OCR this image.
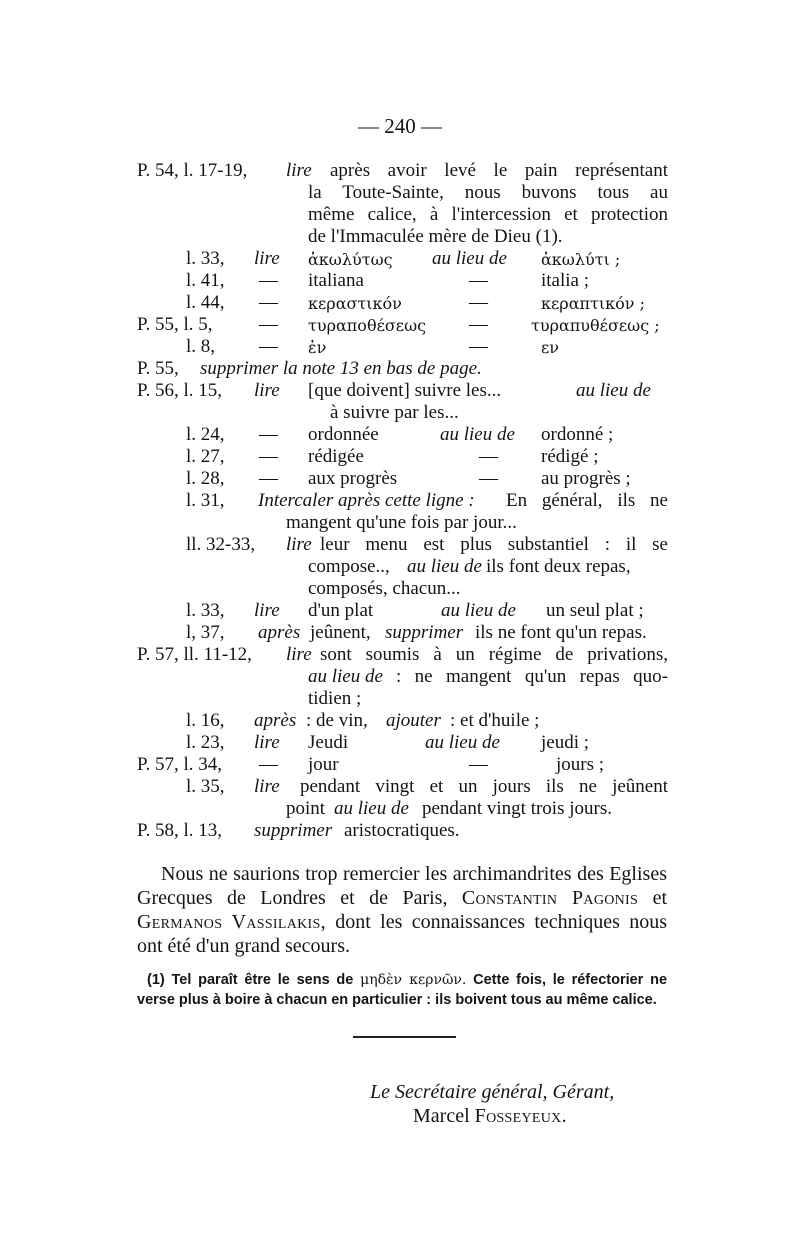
— 240 —
P. 54, l. 17-19, lire après avoir levé le pain représentant
la Toute-Sainte, nous buvons tous au
même calice, à l'intercession et protection
de l'Immaculée mère de Dieu (1).
l. 33, lire ἀκωλύτως au lieu de ἀκωλύτι ;
l. 41, — italiana	—	italia ;
l. 44, — κεραστικόν	—	κεραπτικόν ;
P. 55, l. 5, — τυραποθέσεως —	τυραπυθέσεως ;
l. 8, — ἐν	—	εν
P. 55, supprimer la note 13 en bas de page.
P. 56, l. 15, lire [que doivent] suivre les...	au lieu de
à suivre par les...
l. 24, — ordonnée	au lieu de ordonné ;
l. 27, — rédigée	— rédigé ;
l. 28, — aux progrès	— au progrès ;
l. 31, Intercaler après cette ligne : En général, ils ne
mangent qu'une fois par jour...
ll. 32-33, lire leur menu est plus substantiel : il se
compose.., au lieu de ils font deux repas,
composés, chacun...
l. 33, lire d'un plat	au lieu de un seul plat ;
l, 37, après jeûnent, supprimer ils ne font qu'un repas.
P. 57, ll. 11-12, lire sont soumis à un régime de privations,
au lieu de : ne mangent qu'un repas quo-
tidien ;
l. 16, après : de vin, ajouter : et d'huile ;
l. 23, lire Jeudi	au lieu de jeudi ;
P. 57, l. 34, — jour	—	jours ;
l. 35, lire pendant vingt et un jours ils ne jeûnent
point au lieu de pendant vingt trois jours.
P. 58, l. 13, supprimer aristocratiques.
Nous ne saurions trop remercier les archimandrites des Eglises Grecques de Londres et de Paris, Constantin Pagonis et Germanos Vassilakis, dont les connaissances techniques nous ont été d'un grand secours.
(1) Tel paraît être le sens de μηδὲν κερνῶν. Cette fois, le réfectorier ne verse plus à boire à chacun en particulier : ils boivent tous au même calice.
Le Secrétaire général, Gérant,
Marcel Fosseyeux.
